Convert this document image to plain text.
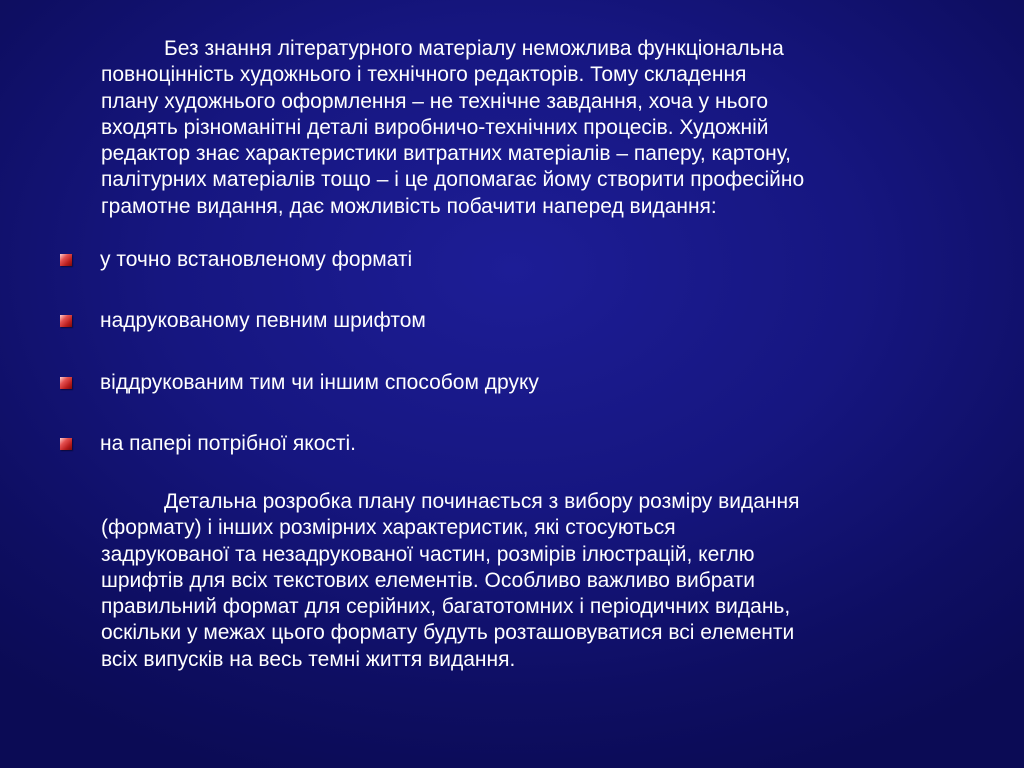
Без знання літературного матеріалу неможлива функціональна
повноцінність художнього і технічного редакторів. Тому складення
плану художнього оформлення – не технічне завдання, хоча у нього
входять різноманітні деталі виробничо-технічних процесів. Художній
редактор знає характеристики витратних матеріалів – паперу, картону,
палітурних матеріалів тощо – і це допомагає йому створити професійно
грамотне видання, дає можливість побачити наперед видання:
у точно встановленому форматі
надрукованому певним шрифтом
віддрукованим тим чи іншим способом друку
на папері потрібної якості.
Детальна розробка плану починається з вибору розміру видання
(формату) і інших розмірних характеристик, які стосуються
задрукованої та незадрукованої частин, розмірів ілюстрацій, кеглю
шрифтів для всіх текстових елементів. Особливо важливо вибрати
правильний формат для серійних, багатотомних і періодичних видань,
оскільки у межах цього формату будуть розташовуватися всі елементи
всіх випусків на весь темні життя видання.
